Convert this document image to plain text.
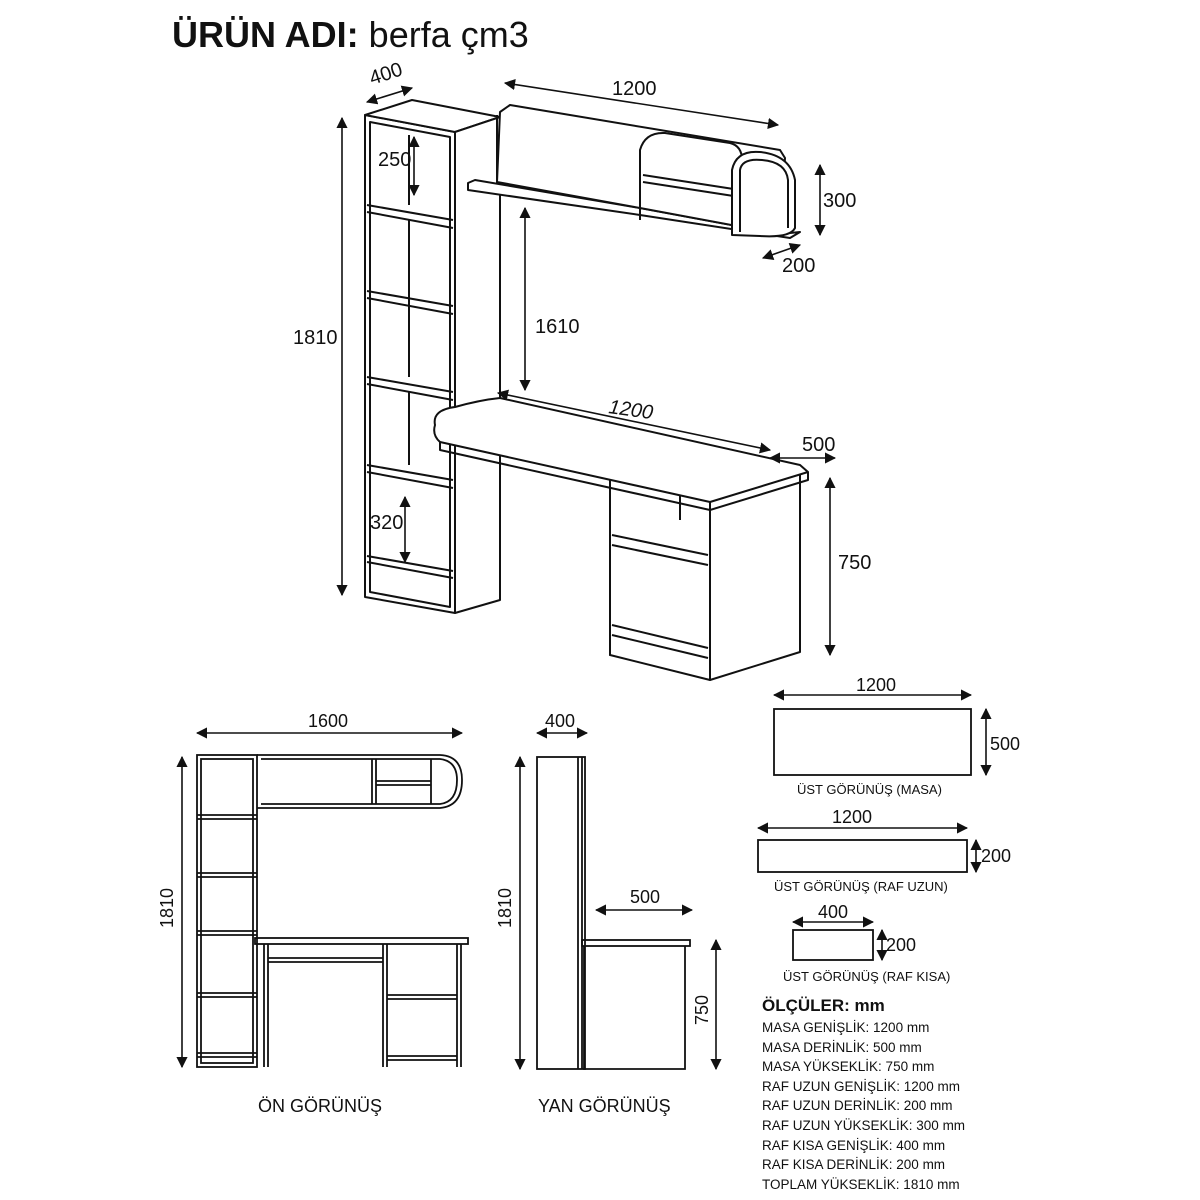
ÜRÜN ADI: berfa çm3
400	1200
300
200
250
1810	1610
1200
500
750
320
1600
1810
ÖN GÖRÜNÜŞ
400
1810	500
750
YAN GÖRÜNÜŞ
1200
500
ÜST GÖRÜNÜŞ (MASA)
1200
200
ÜST GÖRÜNÜŞ (RAF UZUN)
400
200
ÜST GÖRÜNÜŞ (RAF KISA)
ÖLÇÜLER: mm
MASA GENİŞLİK: 1200 mm
MASA DERİNLİK: 500 mm
MASA YÜKSEKLİK: 750 mm
RAF UZUN GENİŞLİK: 1200 mm
RAF UZUN DERİNLİK: 200 mm
RAF UZUN YÜKSEKLİK: 300 mm
RAF KISA GENİŞLİK: 400 mm
RAF KISA DERİNLİK: 200 mm
TOPLAM YÜKSEKLİK: 1810 mm
